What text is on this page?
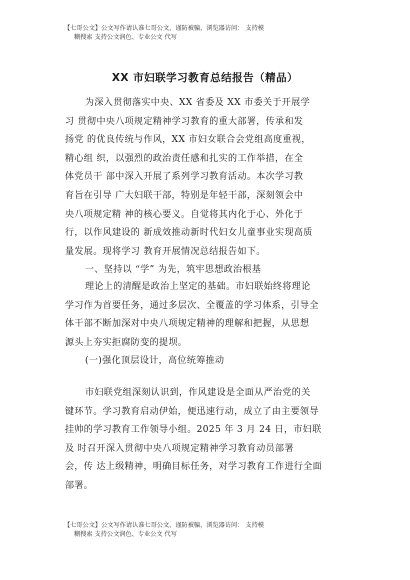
【七哥公文】公文写作请认准七哥公文，谨防被骗，浏览器访问： 支持模
糊搜索 支持公文润色、专业公文 代写
XX 市妇联学习教育总结报告（精品）
为深入贯彻落实中央、XX 省委及 XX 市委关于开展学
习 贯彻中央八项规定精神学习教育的重大部署，传承和发
扬党 的优良传统与作风，XX 市妇女联合会党组高度重视，
精心组 织，以强烈的政治责任感和扎实的工作举措，在全
体党员干 部中深入开展了系列学习教育活动。本次学习教
育旨在引导 广大妇联干部，特别是年轻干部，深刻领会中
央八项规定精 神的核心要义。自觉将其内化于心、外化于
行，以作风建设的 新成效推动新时代妇女儿童事业实现高质
量发展。现将学习 教育开展情况总结报告如下。
一、坚持以 “学” 为先，筑牢思想政治根基
理论上的清醒是政治上坚定的基础。市妇联始终将理论
学习作为首要任务，通过多层次、全覆盖的学习体系，引导全
体干部不断加深对中央八项规定精神的理解和把握，从思想
源头上夯实拒腐防变的提坝。
(一)强化顶层设计，高位统筹推动
市妇联党组深刻认识到，作风建设是全面从严治党的关
键环节。学习教育启动伊始，便迅速行动，成立了由主要领导
挂帅的学习教育工作领导小组。2025 年 3 月 24 日，市妇联
及 时召开深入贯彻中央八项规定精神学习教育动员部署
会，传 达上级精神，明确目标任务，对学习教育工作进行全面
部署。
【七哥公文】公文写作请认准七哥公文，谨防被骗，浏览器访问： 支持模
糊搜索 支持公文润色、专业公文 代写
